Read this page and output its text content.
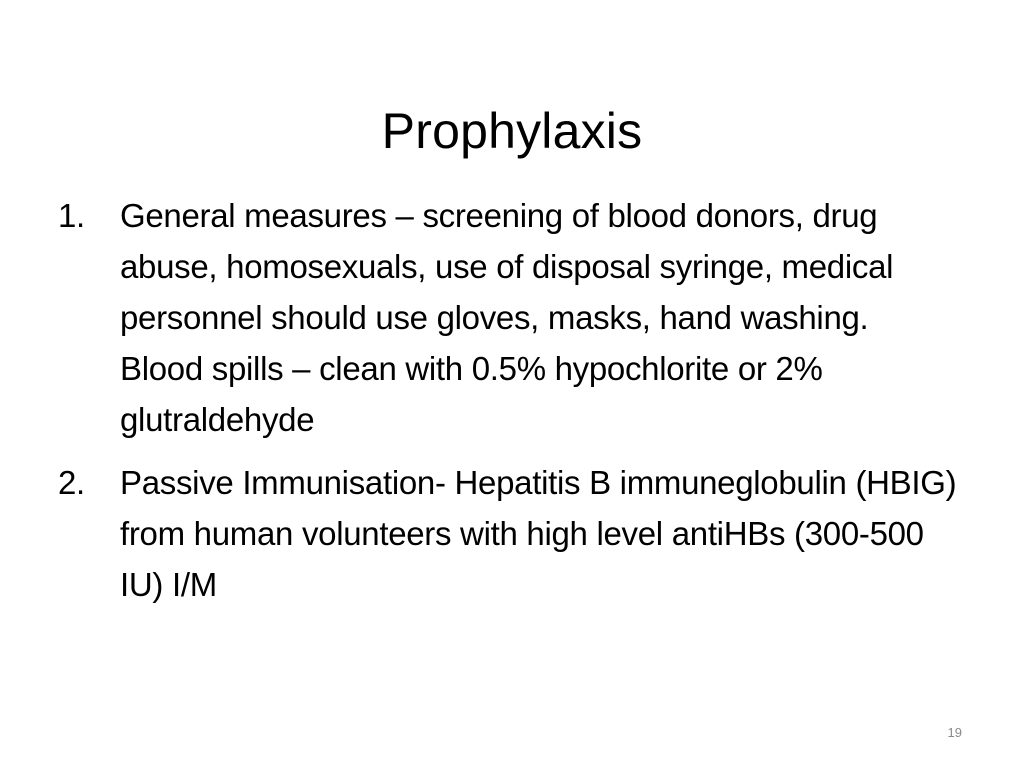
Prophylaxis
1. General measures – screening of blood donors, drug abuse, homosexuals, use of disposal syringe, medical personnel should use gloves, masks, hand washing. Blood spills – clean with 0.5% hypochlorite or 2% glutraldehyde
2. Passive Immunisation- Hepatitis B immuneglobulin (HBIG) from human volunteers with high level antiHBs (300-500 IU) I/M
19
